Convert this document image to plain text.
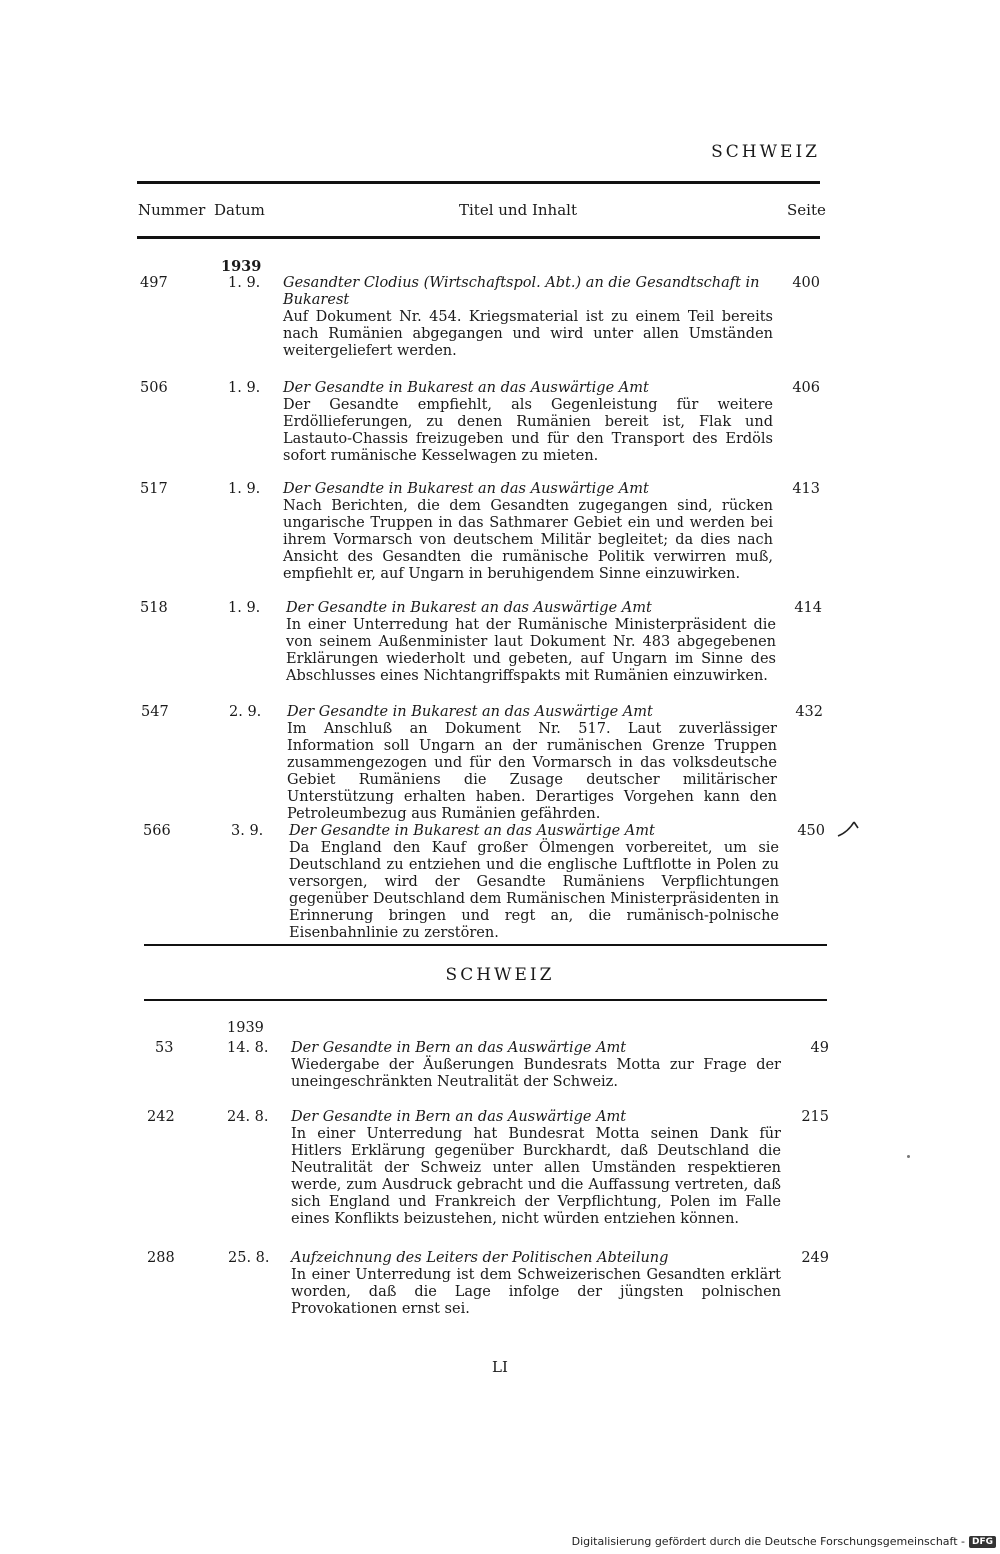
SCHWEIZ
Nummer Datum	Titel und Inhalt	Seite
1939
497	1. 9. Gesandter Clodius (Wirtschaftspol. Abt.) an die Gesandtschaft in Bukarest
Auf Dokument Nr. 454. Kriegsmaterial ist zu einem Teil bereits nach Rumänien abgegangen und wird unter allen Umständen weitergeliefert werden.
400
506	1. 9. Der Gesandte in Bukarest an das Auswärtige Amt
Der Gesandte empfiehlt, als Gegenleistung für weitere Erdöllieferungen, zu denen Rumänien bereit ist, Flak und Lastauto-Chassis freizugeben und für den Transport des Erdöls sofort rumänische Kesselwagen zu mieten.
406
517	1. 9. Der Gesandte in Bukarest an das Auswärtige Amt
Nach Berichten, die dem Gesandten zugegangen sind, rücken ungarische Truppen in das Sathmarer Gebiet ein und werden bei ihrem Vormarsch von deutschem Militär begleitet; da dies nach Ansicht des Gesandten die rumänische Politik verwirren muß, empfiehlt er, auf Ungarn in beruhigendem Sinne einzuwirken.
413
518	1. 9. Der Gesandte in Bukarest an das Auswärtige Amt
In einer Unterredung hat der Rumänische Ministerpräsident die von seinem Außenminister laut Dokument Nr. 483 abgegebenen Erklärungen wiederholt und gebeten, auf Ungarn im Sinne des Abschlusses eines Nichtangriffspakts mit Rumänien einzuwirken.
414
547	2. 9. Der Gesandte in Bukarest an das Auswärtige Amt
Im Anschluß an Dokument Nr. 517. Laut zuverlässiger Information soll Ungarn an der rumänischen Grenze Truppen zusammengezogen und für den Vormarsch in das volksdeutsche Gebiet Rumäniens die Zusage deutscher militärischer Unterstützung erhalten haben. Derartiges Vorgehen kann den Petroleumbezug aus Rumänien gefährden.
432
566	3. 9. Der Gesandte in Bukarest an das Auswärtige Amt
Da England den Kauf großer Ölmengen vorbereitet, um sie Deutschland zu entziehen und die englische Luftflotte in Polen zu versorgen, wird der Gesandte Rumäniens Verpflichtungen gegenüber Deutschland dem Rumänischen Ministerpräsidenten in Erinnerung bringen und regt an, die rumänisch-polnische Eisenbahnlinie zu zerstören.
450
SCHWEIZ
1939
53	14. 8. Der Gesandte in Bern an das Auswärtige Amt
Wiedergabe der Äußerungen Bundesrats Motta zur Frage der uneingeschränkten Neutralität der Schweiz.
49
242	24. 8. Der Gesandte in Bern an das Auswärtige Amt
In einer Unterredung hat Bundesrat Motta seinen Dank für Hitlers Erklärung gegenüber Burckhardt, daß Deutschland die Neutralität der Schweiz unter allen Umständen respektieren werde, zum Ausdruck gebracht und die Auffassung vertreten, daß sich England und Frankreich der Verpflichtung, Polen im Falle eines Konflikts beizustehen, nicht würden entziehen können.
215
288	25. 8. Aufzeichnung des Leiters der Politischen Abteilung
In einer Unterredung ist dem Schweizerischen Gesandten erklärt worden, daß die Lage infolge der jüngsten polnischen Provokationen ernst sei.
249
LI
Digitalisierung gefördert durch die Deutsche Forschungsgemeinschaft - DFG
